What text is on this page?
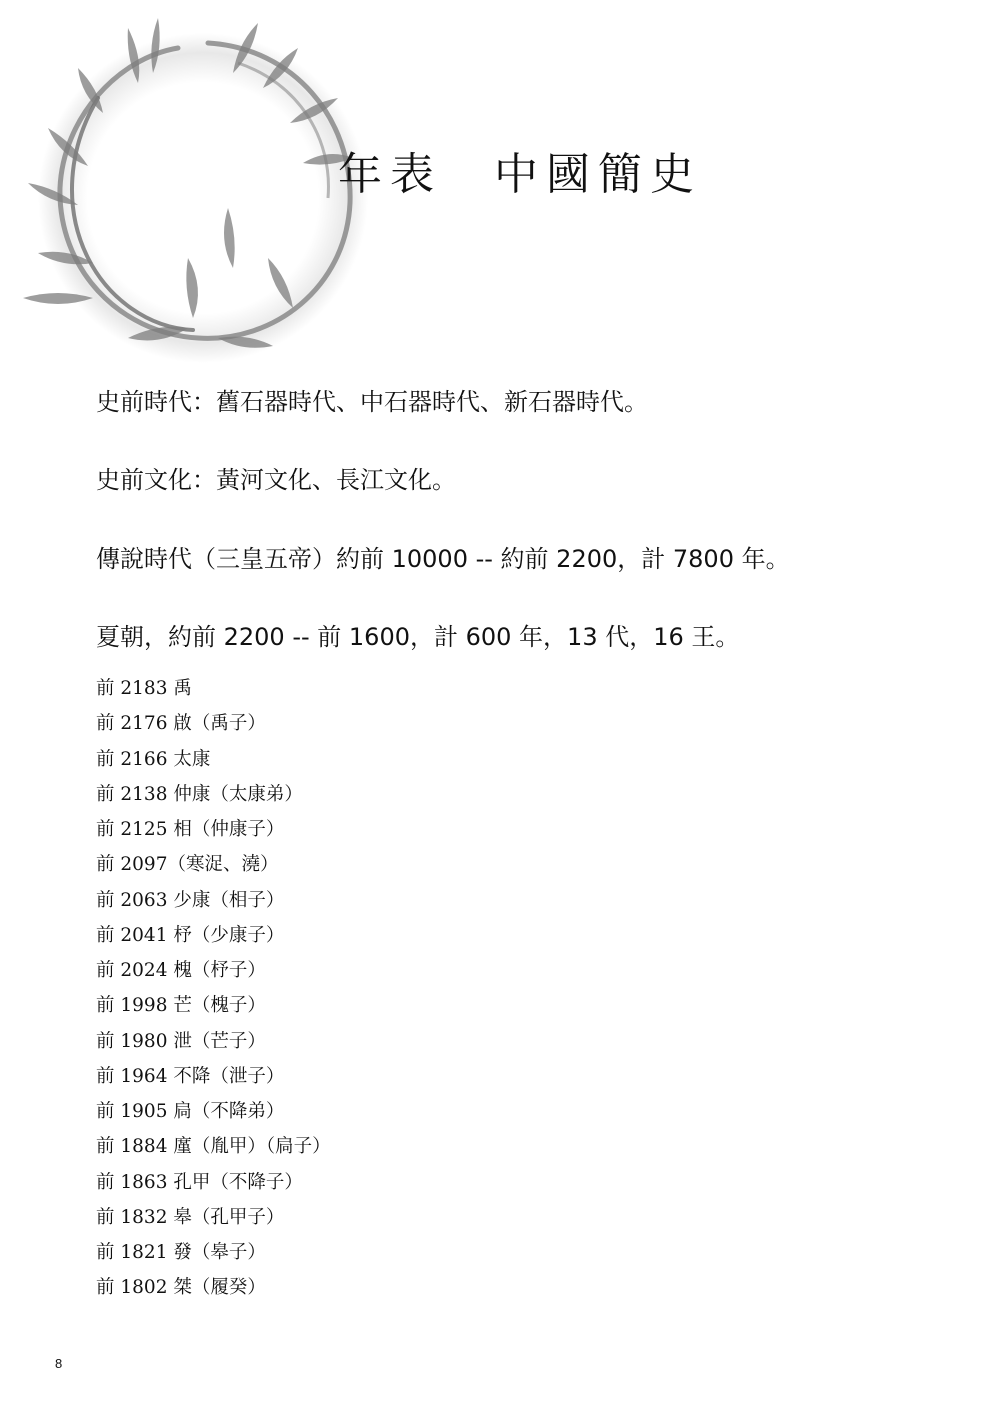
年表　中國簡史
史前時代：舊石器時代、中石器時代、新石器時代。
史前文化：黃河文化、長江文化。
傳說時代（三皇五帝）約前 10000 -- 約前 2200，計 7800 年。
夏朝，約前 2200 -- 前 1600，計 600 年，13 代，16 王。
前 2183 禹
前 2176 啟（禹子）
前 2166 太康
前 2138 仲康（太康弟）
前 2125 相（仲康子）
前 2097（寒浞、澆）
前 2063 少康（相子）
前 2041 杼（少康子）
前 2024 槐（杼子）
前 1998 芒（槐子）
前 1980 泄（芒子）
前 1964 不降（泄子）
前 1905 扃（不降弟）
前 1884 廑（胤甲）（扃子）
前 1863 孔甲（不降子）
前 1832 皋（孔甲子）
前 1821 發（皋子）
前 1802 桀（履癸）
8
